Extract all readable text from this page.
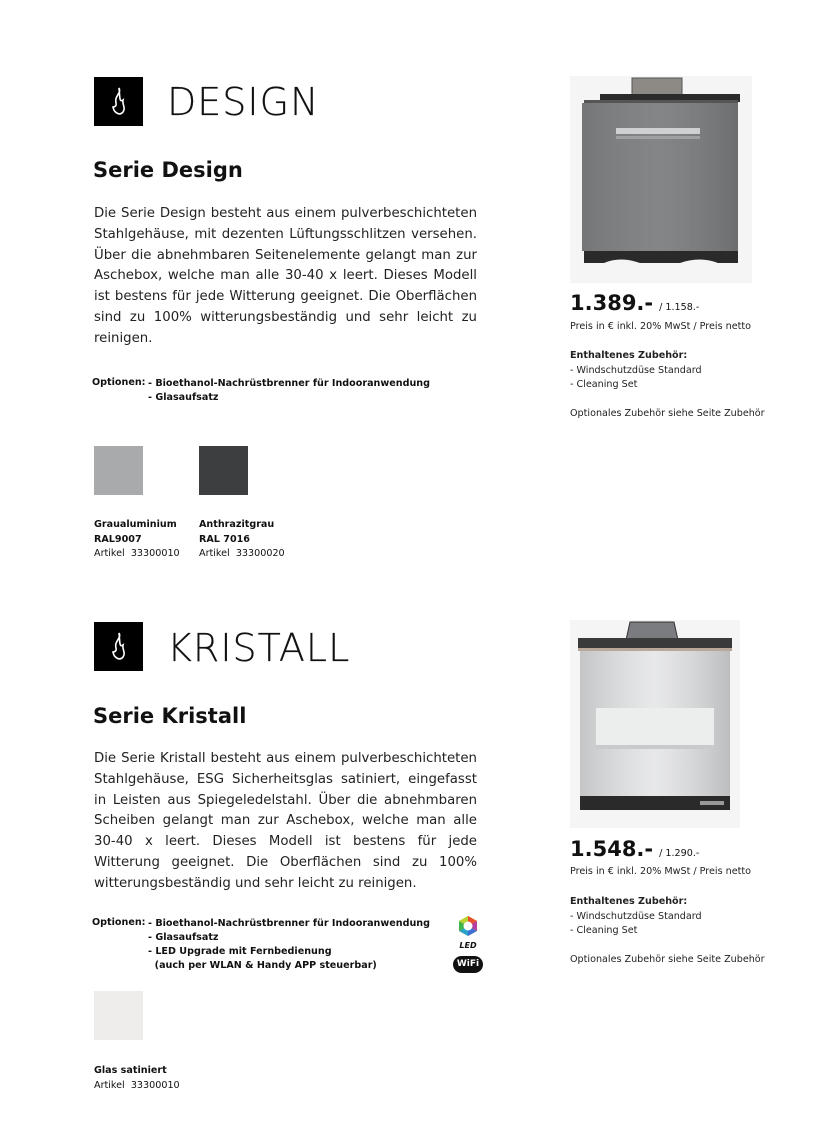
DESIGN
Serie Design
Die Serie Design besteht aus einem pulverbeschichteten Stahlgehäuse, mit dezenten Lüftungsschlitzen versehen. Über die abnehmbaren Seitenelemente gelangt man zur Aschebox, welche man alle 30-40 x leert. Dieses Modell ist bestens für jede Witterung geeignet. Die Oberflächen sind zu 100% witterungsbeständig und sehr leicht zu reinigen.
Optionen: - Bioethanol-Nachrüstbrenner für Indooranwendung
- Glasaufsatz
Graualuminium
RAL9007
Artikel  33300010
Anthrazitgrau
RAL 7016
Artikel  33300020
1.389.- / 1.158.-
Preis in € inkl. 20% MwSt / Preis netto
Enthaltenes Zubehör:
- Windschutzdüse Standard
- Cleaning Set
Optionales Zubehör siehe Seite Zubehör
KRISTALL
Serie Kristall
Die Serie Kristall besteht aus einem pulverbeschichteten Stahlgehäuse, ESG Sicherheitsglas satiniert, eingefasst in Leisten aus Spiegeledelstahl. Über die abnehmbaren Scheiben gelangt man zur Aschebox, welche man alle 30-40 x leert. Dieses Modell ist bestens für jede Witterung geeignet. Die Oberflächen sind zu 100% witterungsbeständig und sehr leicht zu reinigen.
Optionen: - Bioethanol-Nachrüstbrenner für Indooranwendung
- Glasaufsatz
- LED Upgrade mit Fernbedienung
(auch per WLAN & Handy APP steuerbar)
LED
WiFi
Glas satiniert
Artikel  33300010
1.548.- / 1.290.-
Preis in € inkl. 20% MwSt / Preis netto
Enthaltenes Zubehör:
- Windschutzdüse Standard
- Cleaning Set
Optionales Zubehör siehe Seite Zubehör
